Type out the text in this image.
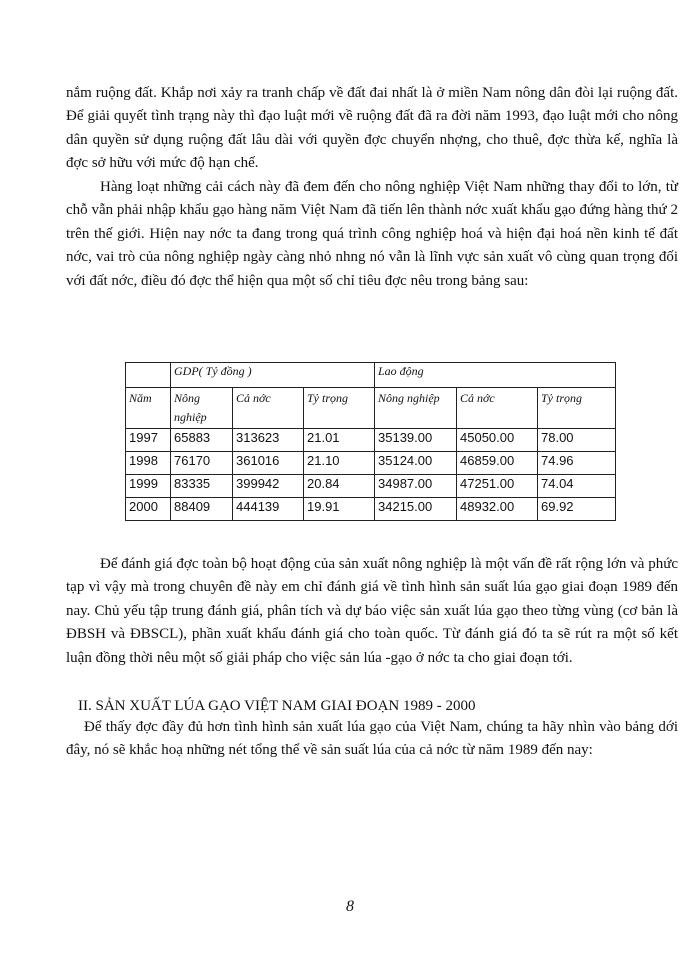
nắm ruộng đất. Khắp nơi xảy ra tranh chấp về đất đai nhất là ở miền Nam nông dân đòi lại ruộng đất. Để giải quyết tình trạng này thì đạo luật mới về ruộng đất đã ra đời năm 1993, đạo luật mới cho nông dân quyền sử dụng ruộng đất lâu dài với quyền đợc chuyển nhợng, cho thuê, đợc thừa kế, nghĩa là đợc sở hữu với mức độ hạn chế.

Hàng loạt những cải cách này đã đem đến cho nông nghiệp Việt Nam những thay đổi to lớn, từ chỗ vẫn phải nhập khẩu gạo hàng năm Việt Nam đã tiến lên thành nớc xuất khẩu gạo đứng hàng thứ 2 trên thế giới. Hiện nay nớc ta đang trong quá trình công nghiệp hoá và hiện đại hoá nền kinh tế đất nớc, vai trò của nông nghiệp ngày càng nhỏ nhng nó vẫn là lĩnh vực sản xuất vô cùng quan trọng đối với đất nớc, điều đó đợc thể hiện qua một số chỉ tiêu đợc nêu trong bảng sau:

	GDP( Tỷ đồng )			Lao động		
Năm	Nông nghiệp	Cả nớc	Tỷ trọng	Nông nghiệp	Cả nớc	Tỷ trọng
1997	65883	313623	21.01	35139.00	45050.00	78.00
1998	76170	361016	21.10	35124.00	46859.00	74.96
1999	83335	399942	20.84	34987.00	47251.00	74.04
2000	88409	444139	19.91	34215.00	48932.00	69.92

Để đánh giá đợc toàn bộ hoạt động của sản xuất nông nghiệp là một vấn đề rất rộng lớn và phức tạp vì vậy mà trong chuyên đề này em chỉ đánh giá về tình hình sản suất lúa gạo giai đoạn 1989 đến nay. Chủ yếu tập trung đánh giá, phân tích và dự báo việc sản xuất lúa gạo theo từng vùng (cơ bản là ĐBSH và ĐBSCL), phần xuất khẩu đánh giá cho toàn quốc. Từ đánh giá đó ta sẽ rút ra một số kết luận đồng thời nêu một số giải pháp cho việc sản lúa -gạo ở nớc ta cho giai đoạn tới.

II. SẢN XUẤT LÚA GẠO VIỆT NAM GIAI ĐOẠN 1989 - 2000

Để thấy đợc đầy đủ hơn tình hình sản xuất lúa gạo của Việt Nam, chúng ta hãy nhìn vào bảng dới đây, nó sẽ khắc hoạ những nét tổng thể về sản suất lúa của cả nớc từ năm 1989 đến nay:

8
